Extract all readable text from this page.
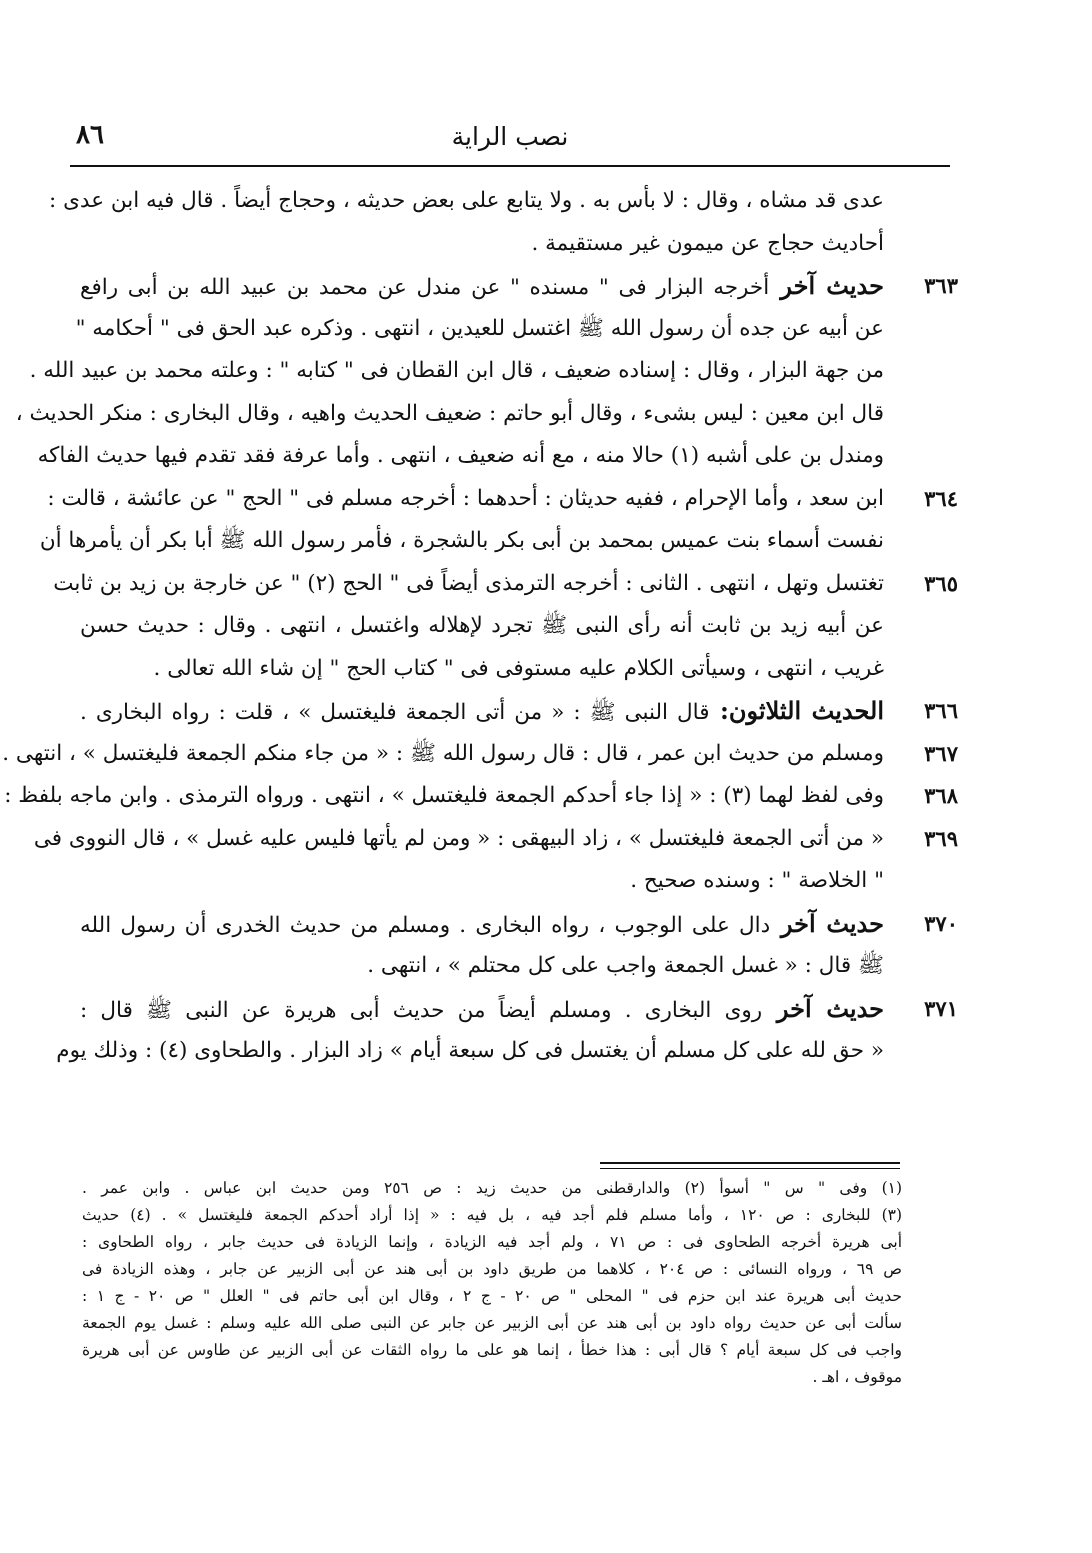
نصب الراية
٨٦
عدى قد مشاه ، وقال : لا بأس به . ولا يتابع على بعض حديثه ، وحجاج أيضاً . قال فيه ابن عدى :
أحاديث حجاج عن ميمون غير مستقيمة .
٣٦٣
حديث آخر أخرجه البزار فى " مسنده " عن مندل عن محمد بن عبيد الله بن أبى رافع
عن أبيه عن جده أن رسول الله ﷺ اغتسل للعيدين ، انتهى . وذكره عبد الحق فى " أحكامه "
من جهة البزار ، وقال : إسناده ضعيف ، قال ابن القطان فى " كتابه " : وعلته محمد بن عبيد الله .
قال ابن معين : ليس بشىء ، وقال أبو حاتم : ضعيف الحديث واهيه ، وقال البخارى : منكر الحديث ،
ومندل بن على أشبه (١) حالا منه ، مع أنه ضعيف ، انتهى . وأما عرفة فقد تقدم فيها حديث الفاكه
٣٦٤
ابن سعد ، وأما الإحرام ، ففيه حديثان : أحدهما : أخرجه مسلم فى " الحج " عن عائشة ، قالت :
نفست أسماء بنت عميس بمحمد بن أبى بكر بالشجرة ، فأمر رسول الله ﷺ أبا بكر أن يأمرها أن
٣٦٥
تغتسل وتهل ، انتهى . الثانى : أخرجه الترمذى أيضاً فى " الحج (٢) " عن خارجة بن زيد بن ثابت
عن أبيه زيد بن ثابت أنه رأى النبى ﷺ تجرد لإهلاله واغتسل ، انتهى . وقال : حديث حسن
غريب ، انتهى ، وسيأتى الكلام عليه مستوفى فى " كتاب الحج " إن شاء الله تعالى .
٣٦٦
الحديث الثلاثون: قال النبى ﷺ : « من أتى الجمعة فليغتسل » ، قلت : رواه البخارى .
٣٦٧
ومسلم من حديث ابن عمر ، قال : قال رسول الله ﷺ : « من جاء منكم الجمعة فليغتسل » ، انتهى .
٣٦٨
وفى لفظ لهما (٣) : « إذا جاء أحدكم الجمعة فليغتسل » ، انتهى . ورواه الترمذى . وابن ماجه بلفظ :
٣٦٩
« من أتى الجمعة فليغتسل » ، زاد البيهقى : « ومن لم يأتها فليس عليه غسل » ، قال النووى فى
" الخلاصة " : وسنده صحيح .
٣٧٠
حديث آخر دال على الوجوب ، رواه البخارى . ومسلم من حديث الخدرى أن رسول الله
ﷺ قال : « غسل الجمعة واجب على كل محتلم » ، انتهى .
٣٧١
حديث آخر روى البخارى . ومسلم أيضاً من حديث أبى هريرة عن النبى ﷺ قال :
« حق لله على كل مسلم أن يغتسل فى كل سبعة أيام » زاد البزار . والطحاوى (٤) : وذلك يوم
(١) وفى " س " أسوأ (٢) والدارقطنى من حديث زيد : ص ٢٥٦ ومن حديث ابن عباس . وابن عمر .
(٣) للبخارى : ص ١٢٠ ، وأما مسلم فلم أجد فيه ، بل فيه : « إذا أراد أحدكم الجمعة فليغتسل » . (٤) حديث
أبى هريرة أخرجه الطحاوى فى : ص ٧١ ، ولم أجد فيه الزيادة ، وإنما الزيادة فى حديث جابر ، رواه الطحاوى :
ص ٦٩ ، ورواه النسائى : ص ٢٠٤ ، كلاهما من طريق داود بن أبى هند عن أبى الزبير عن جابر ، وهذه الزيادة فى
حديث أبى هريرة عند ابن حزم فى " المحلى " ص ٢٠ - ج ٢ ، وقال ابن أبى حاتم فى " العلل " ص ٢٠ - ج ١ :
سألت أبى عن حديث رواه داود بن أبى هند عن أبى الزبير عن جابر عن النبى صلى الله عليه وسلم : غسل يوم الجمعة
واجب فى كل سبعة أيام ؟ قال أبى : هذا خطأ ، إنما هو على ما رواه الثقات عن أبى الزبير عن طاوس عن أبى هريرة
موقوف ، اهـ .
